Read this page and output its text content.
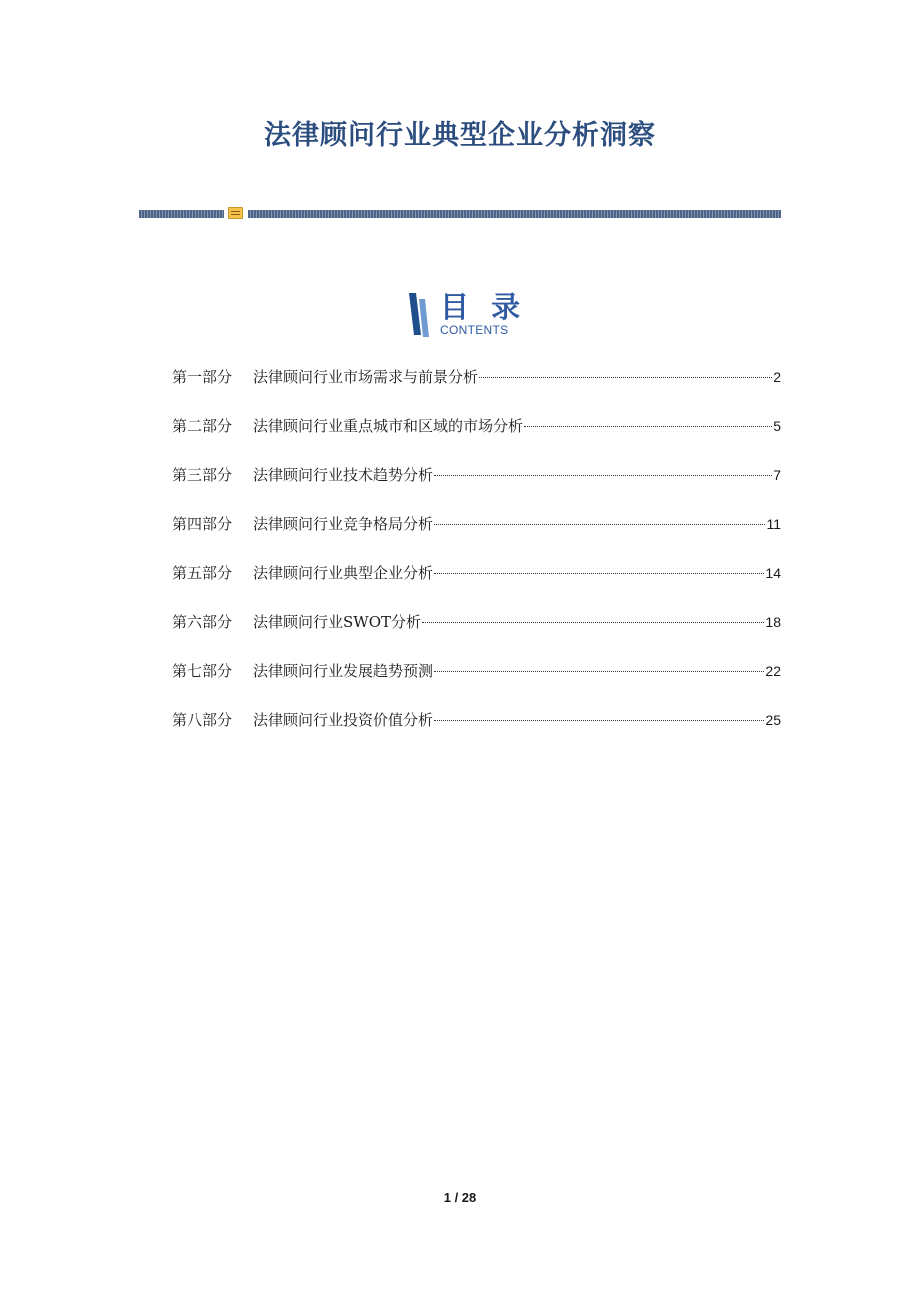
法律顾问行业典型企业分析洞察
目 录
CONTENTS
第一部分	法律顾问行业市场需求与前景分析	2
第二部分	法律顾问行业重点城市和区域的市场分析	5
第三部分	法律顾问行业技术趋势分析	7
第四部分	法律顾问行业竞争格局分析	11
第五部分	法律顾问行业典型企业分析	14
第六部分	法律顾问行业SWOT分析	18
第七部分	法律顾问行业发展趋势预测	22
第八部分	法律顾问行业投资价值分析	25
1 / 28
